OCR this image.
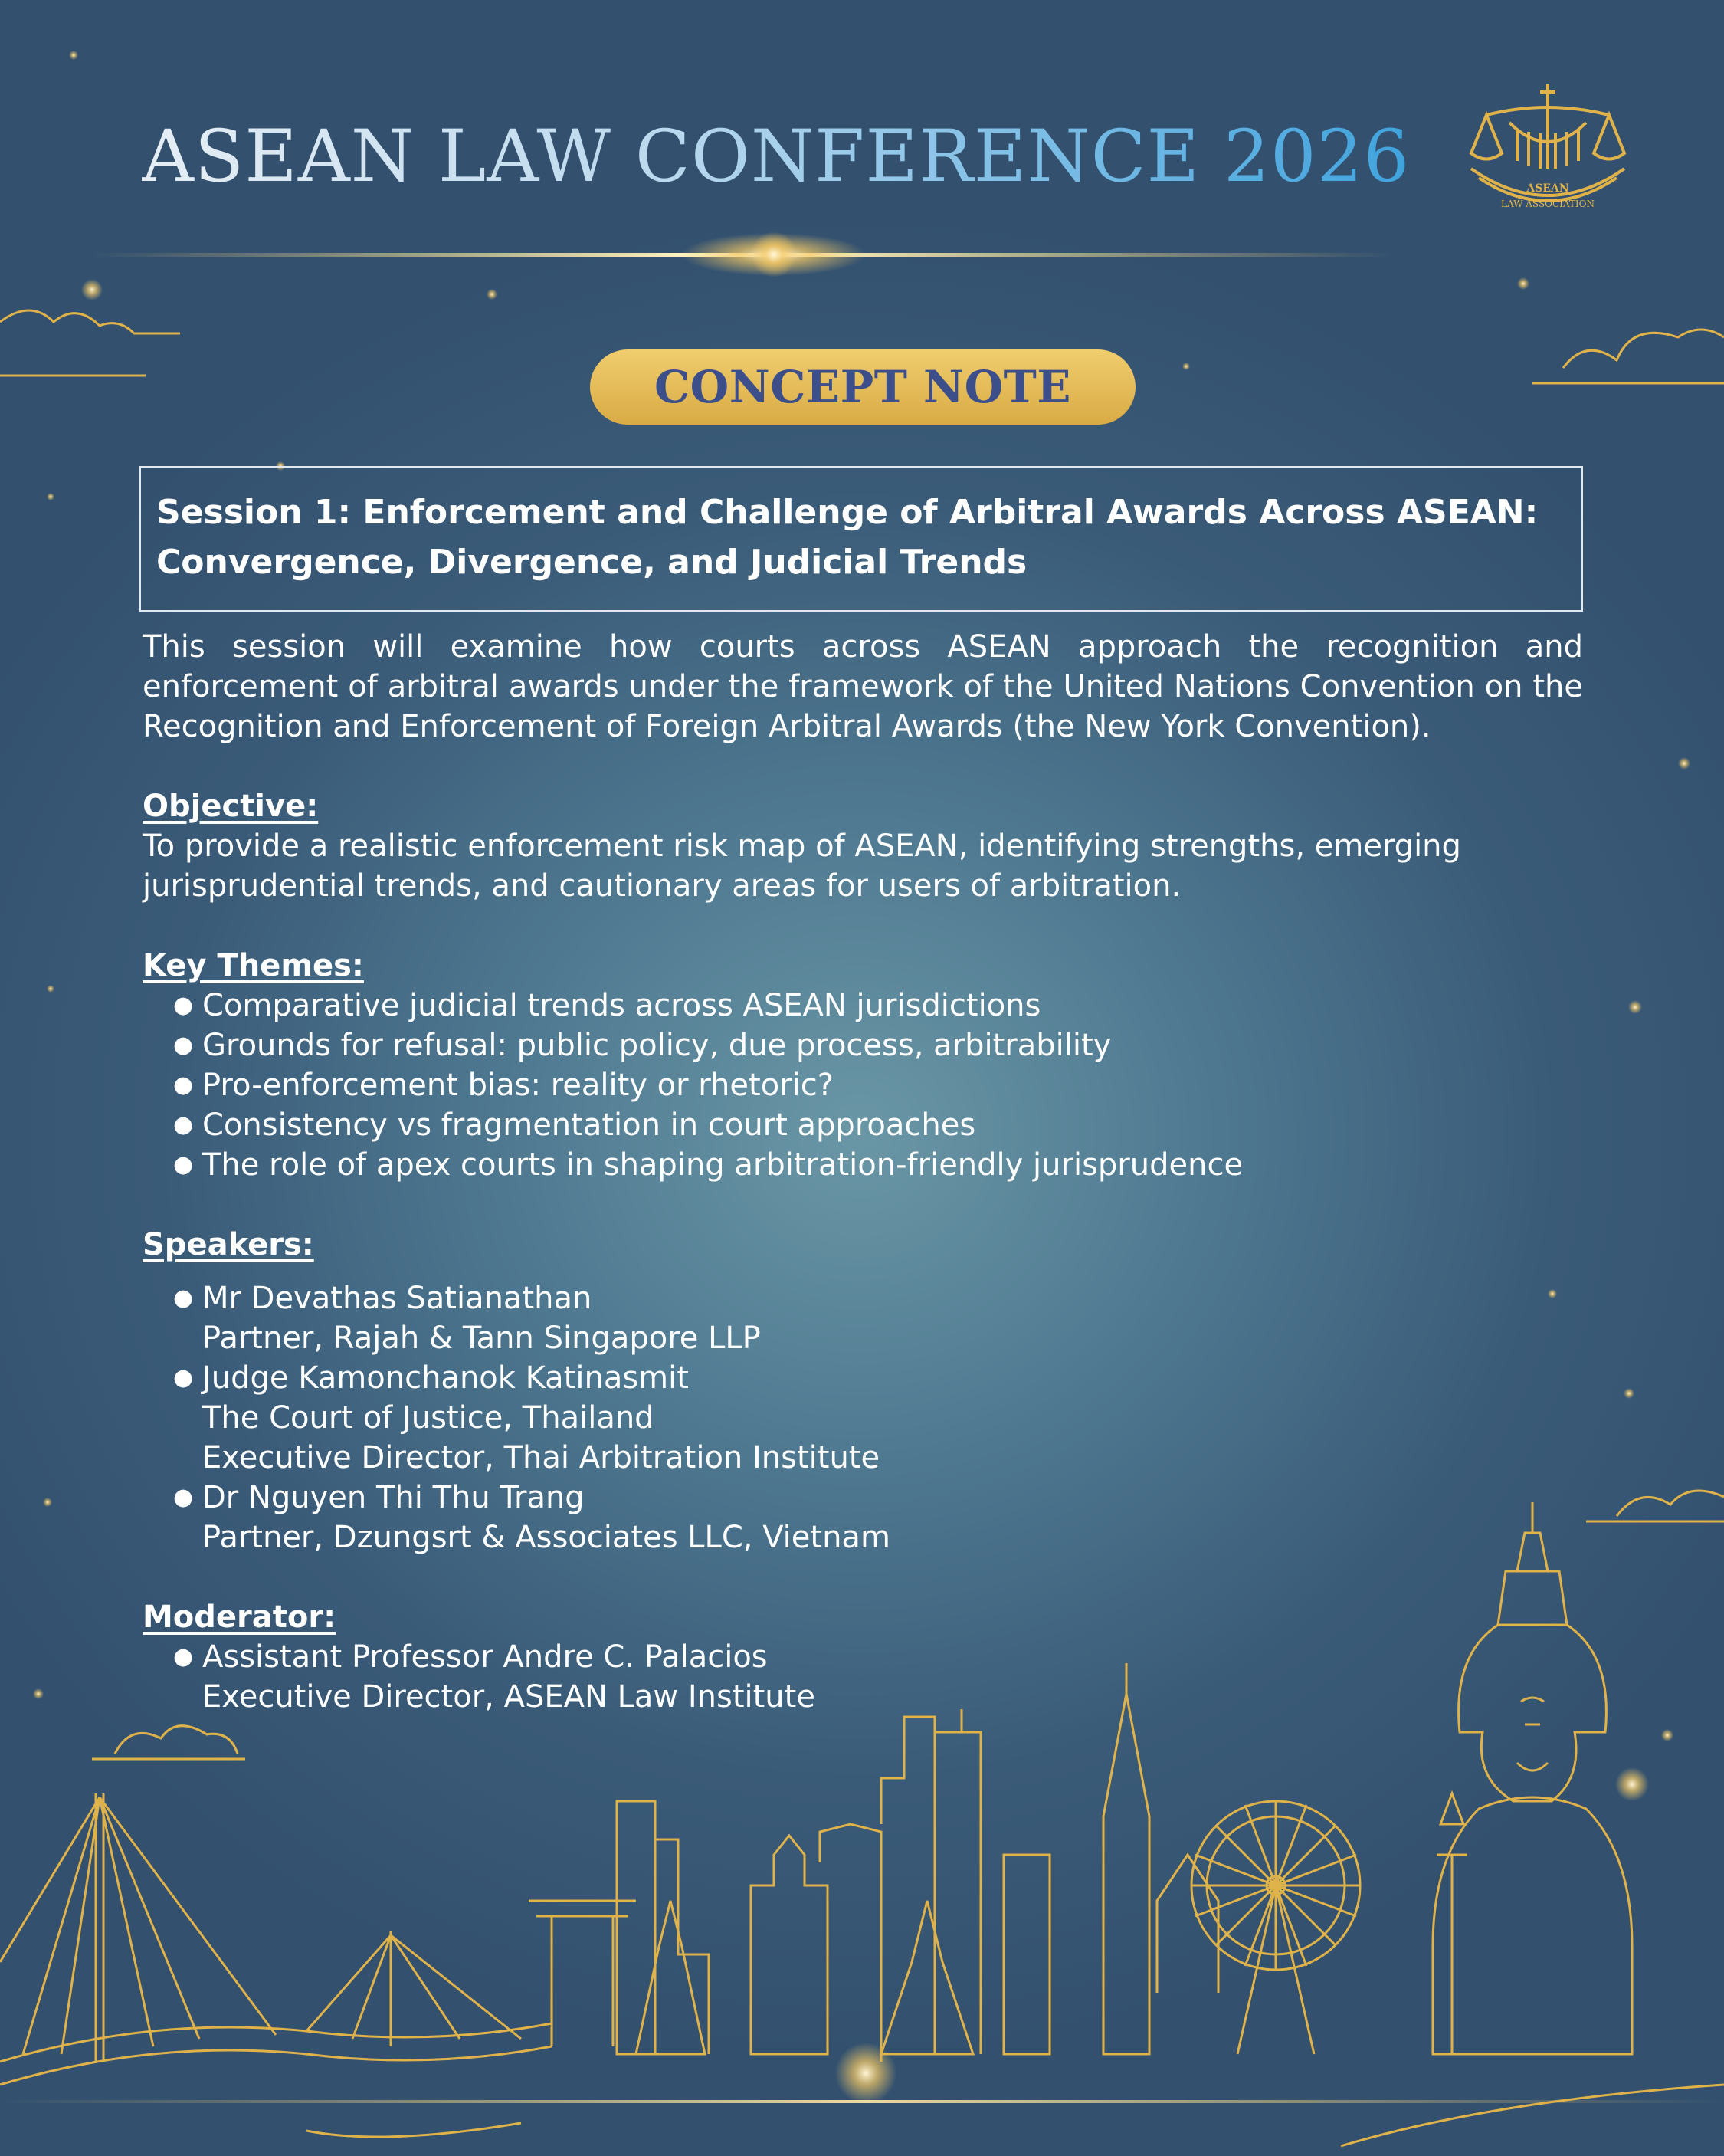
ASEAN LAW CONFERENCE 2026	ASEAN
LAW ASSOCIATION
CONCEPT NOTE

Session 1: Enforcement and Challenge of Arbitral Awards Across ASEAN:
Convergence, Divergence, and Judicial Trends

This session will examine how courts across ASEAN approach the recognition and enforcement of arbitral awards under the framework of the United Nations Convention on the Recognition and Enforcement of Foreign Arbitral Awards (the New York Convention).

Objective:

To provide a realistic enforcement risk map of ASEAN, identifying strengths, emerging jurisprudential trends, and cautionary areas for users of arbitration.

Key Themes:

● Comparative judicial trends across ASEAN jurisdictions
● Grounds for refusal: public policy, due process, arbitrability
● Pro-enforcement bias: reality or rhetoric?
● Consistency vs fragmentation in court approaches
● The role of apex courts in shaping arbitration-friendly jurisprudence

Speakers:

● Mr Devathas Satianathan
Partner, Rajah & Tann Singapore LLP
● Judge Kamonchanok Katinasmit
The Court of Justice, Thailand
Executive Director, Thai Arbitration Institute
● Dr Nguyen Thi Thu Trang
Partner, Dzungsrt & Associates LLC, Vietnam

Moderator:

● Assistant Professor Andre C. Palacios
Executive Director, ASEAN Law Institute
